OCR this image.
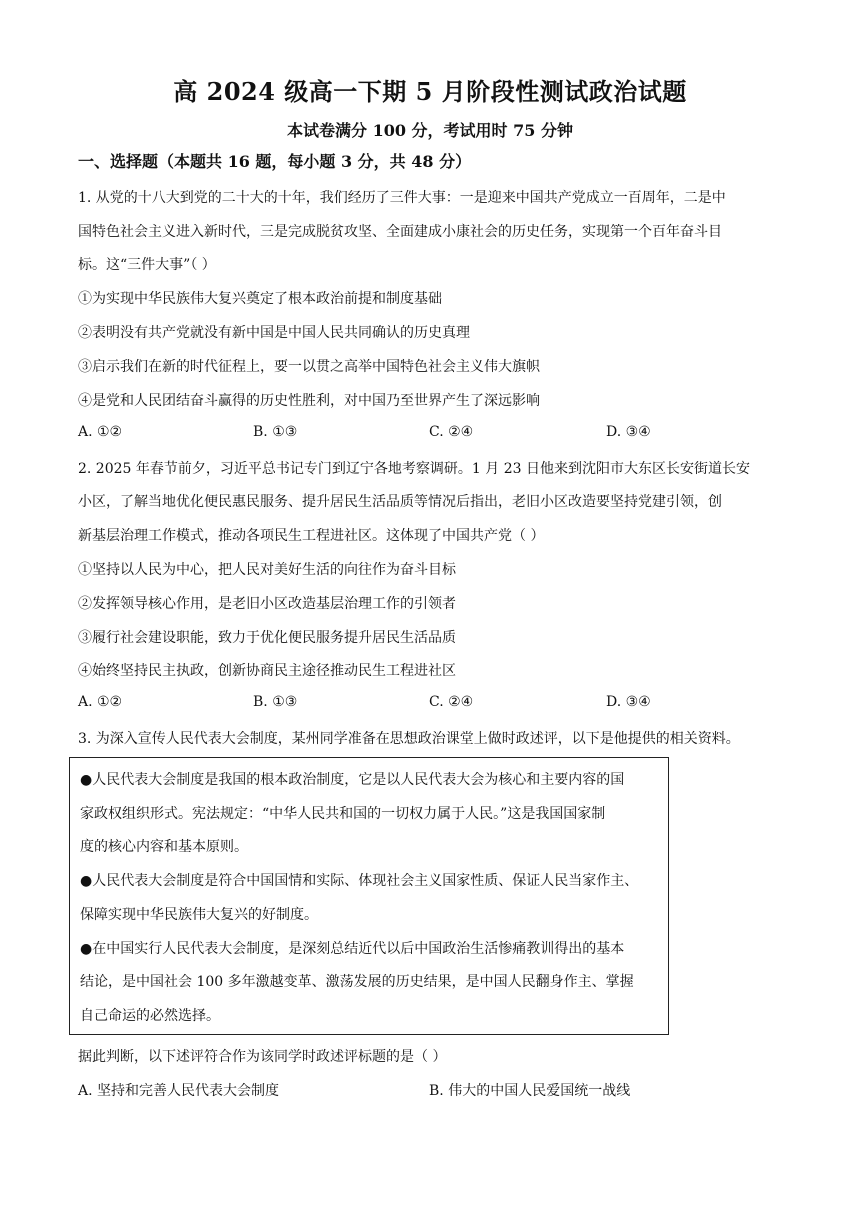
高 2024 级高一下期 5 月阶段性测试政治试题
本试卷满分 100 分，考试用时 75 分钟
一、选择题（本题共 16 题，每小题 3 分，共 48 分）
1. 从党的十八大到党的二十大的十年，我们经历了三件大事：一是迎来中国共产党成立一百周年，二是中
国特色社会主义进入新时代，三是完成脱贫攻坚、全面建成小康社会的历史任务，实现第一个百年奋斗目
标。这“三件大事”（ ）
①为实现中华民族伟大复兴奠定了根本政治前提和制度基础
②表明没有共产党就没有新中国是中国人民共同确认的历史真理
③启示我们在新的时代征程上，要一以贯之高举中国特色社会主义伟大旗帜
④是党和人民团结奋斗赢得的历史性胜利，对中国乃至世界产生了深远影响
A. ①②	B. ①③	C. ②④	D. ③④
2. 2025 年春节前夕，习近平总书记专门到辽宁各地考察调研。1 月 23 日他来到沈阳市大东区长安街道长安
小区，了解当地优化便民惠民服务、提升居民生活品质等情况后指出，老旧小区改造要坚持党建引领，创
新基层治理工作模式，推动各项民生工程进社区。这体现了中国共产党（ ）
①坚持以人民为中心，把人民对美好生活的向往作为奋斗目标
②发挥领导核心作用，是老旧小区改造基层治理工作的引领者
③履行社会建设职能，致力于优化便民服务提升居民生活品质
④始终坚持民主执政，创新协商民主途径推动民生工程进社区
A. ①②	B. ①③	C. ②④	D. ③④
3. 为深入宣传人民代表大会制度，某州同学准备在思想政治课堂上做时政述评，以下是他提供的相关资料。
●人民代表大会制度是我国的根本政治制度，它是以人民代表大会为核心和主要内容的国
家政权组织形式。宪法规定：“中华人民共和国的一切权力属于人民。”这是我国国家制
度的核心内容和基本原则。
●人民代表大会制度是符合中国国情和实际、体现社会主义国家性质、保证人民当家作主、
保障实现中华民族伟大复兴的好制度。
●在中国实行人民代表大会制度，是深刻总结近代以后中国政治生活惨痛教训得出的基本
结论，是中国社会 100 多年激越变革、激荡发展的历史结果，是中国人民翻身作主、掌握
自己命运的必然选择。
据此判断，以下述评符合作为该同学时政述评标题的是（ ）
A. 坚持和完善人民代表大会制度	B. 伟大的中国人民爱国统一战线
